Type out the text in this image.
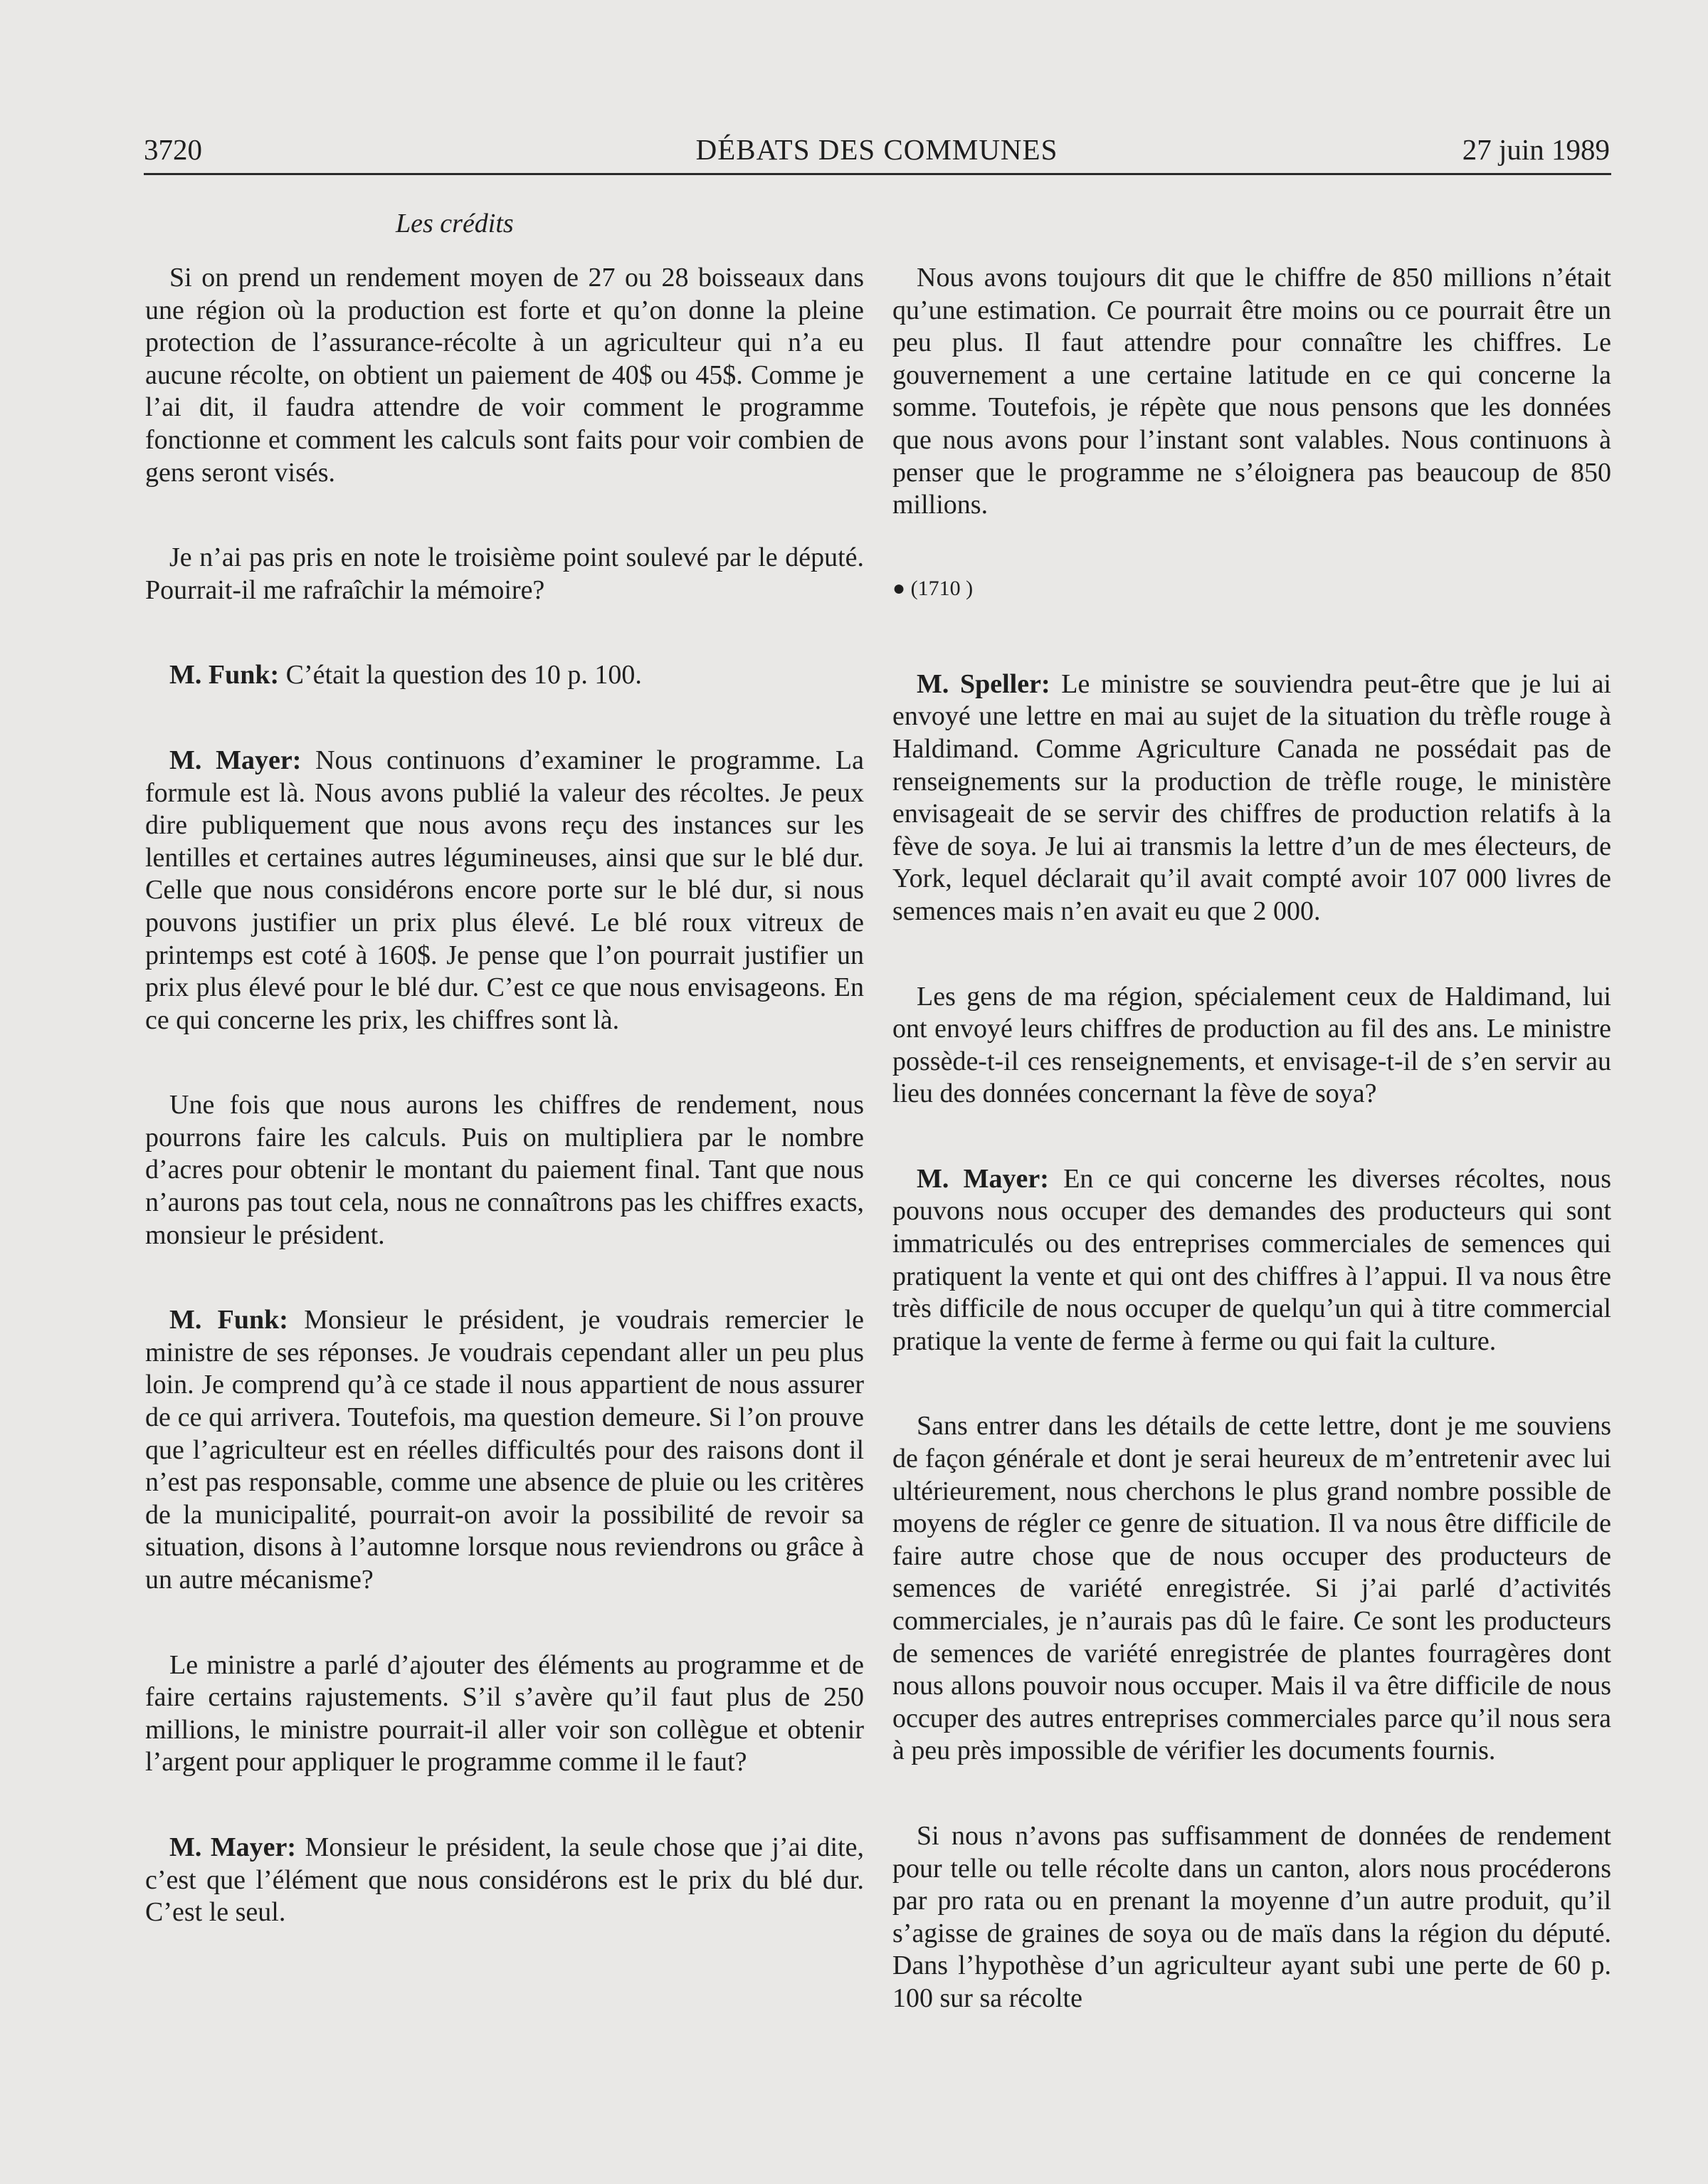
3720	DÉBATS DES COMMUNES	27 juin 1989
Les crédits

Si on prend un rendement moyen de 27 ou 28 boisseaux dans une région où la production est forte et qu’on donne la pleine protection de l’assurance-récolte à un agriculteur qui n’a eu aucune récolte, on obtient un paiement de 40$ ou 45$. Comme je l’ai dit, il faudra attendre de voir comment le programme fonctionne et comment les calculs sont faits pour voir combien de gens seront visés.

Je n’ai pas pris en note le troisième point soulevé par le député. Pourrait-il me rafraîchir la mémoire?

M. Funk: C’était la question des 10 p. 100.

M. Mayer: Nous continuons d’examiner le programme. La formule est là. Nous avons publié la valeur des récoltes. Je peux dire publiquement que nous avons reçu des instances sur les lentilles et certaines autres légumineuses, ainsi que sur le blé dur. Celle que nous considérons encore porte sur le blé dur, si nous pouvons justifier un prix plus élevé. Le blé roux vitreux de printemps est coté à 160$. Je pense que l’on pourrait justifier un prix plus élevé pour le blé dur. C’est ce que nous envisageons. En ce qui concerne les prix, les chiffres sont là.

Une fois que nous aurons les chiffres de rendement, nous pourrons faire les calculs. Puis on multipliera par le nombre d’acres pour obtenir le montant du paiement final. Tant que nous n’aurons pas tout cela, nous ne connaîtrons pas les chiffres exacts, monsieur le président.

M. Funk: Monsieur le président, je voudrais remercier le ministre de ses réponses. Je voudrais cependant aller un peu plus loin. Je comprend qu’à ce stade il nous appartient de nous assurer de ce qui arrivera. Toutefois, ma question demeure. Si l’on prouve que l’agriculteur est en réelles difficultés pour des raisons dont il n’est pas responsable, comme une absence de pluie ou les critères de la municipalité, pourrait-on avoir la possibilité de revoir sa situation, disons à l’automne lorsque nous reviendrons ou grâce à un autre mécanisme?

Le ministre a parlé d’ajouter des éléments au programme et de faire certains rajustements. S’il s’avère qu’il faut plus de 250 millions, le ministre pourrait-il aller voir son collègue et obtenir l’argent pour appliquer le programme comme il le faut?

M. Mayer: Monsieur le président, la seule chose que j’ai dite, c’est que l’élément que nous considérons est le prix du blé dur. C’est le seul.

Nous avons toujours dit que le chiffre de 850 millions n’était qu’une estimation. Ce pourrait être moins ou ce pourrait être un peu plus. Il faut attendre pour connaître les chiffres. Le gouvernement a une certaine latitude en ce qui concerne la somme. Toutefois, je répète que nous pensons que les données que nous avons pour l’instant sont valables. Nous continuons à penser que le programme ne s’éloignera pas beaucoup de 850 millions.

● (1710 )

M. Speller: Le ministre se souviendra peut-être que je lui ai envoyé une lettre en mai au sujet de la situation du trèfle rouge à Haldimand. Comme Agriculture Canada ne possédait pas de renseignements sur la production de trèfle rouge, le ministère envisageait de se servir des chiffres de production relatifs à la fève de soya. Je lui ai transmis la lettre d’un de mes électeurs, de York, lequel déclarait qu’il avait compté avoir 107 000 livres de semences mais n’en avait eu que 2 000.

Les gens de ma région, spécialement ceux de Haldimand, lui ont envoyé leurs chiffres de production au fil des ans. Le ministre possède-t-il ces renseignements, et envisage-t-il de s’en servir au lieu des données concernant la fève de soya?

M. Mayer: En ce qui concerne les diverses récoltes, nous pouvons nous occuper des demandes des producteurs qui sont immatriculés ou des entreprises commerciales de semences qui pratiquent la vente et qui ont des chiffres à l’appui. Il va nous être très difficile de nous occuper de quelqu’un qui à titre commercial pratique la vente de ferme à ferme ou qui fait la culture.

Sans entrer dans les détails de cette lettre, dont je me souviens de façon générale et dont je serai heureux de m’entretenir avec lui ultérieurement, nous cherchons le plus grand nombre possible de moyens de régler ce genre de situation. Il va nous être difficile de faire autre chose que de nous occuper des producteurs de semences de variété enregistrée. Si j’ai parlé d’activités commerciales, je n’aurais pas dû le faire. Ce sont les producteurs de semences de variété enregistrée de plantes fourragères dont nous allons pouvoir nous occuper. Mais il va être difficile de nous occuper des autres entreprises commerciales parce qu’il nous sera à peu près impossible de vérifier les documents fournis.

Si nous n’avons pas suffisamment de données de rendement pour telle ou telle récolte dans un canton, alors nous procéderons par pro rata ou en prenant la moyenne d’un autre produit, qu’il s’agisse de graines de soya ou de maïs dans la région du député. Dans l’hypothèse d’un agriculteur ayant subi une perte de 60 p. 100 sur sa récolte
